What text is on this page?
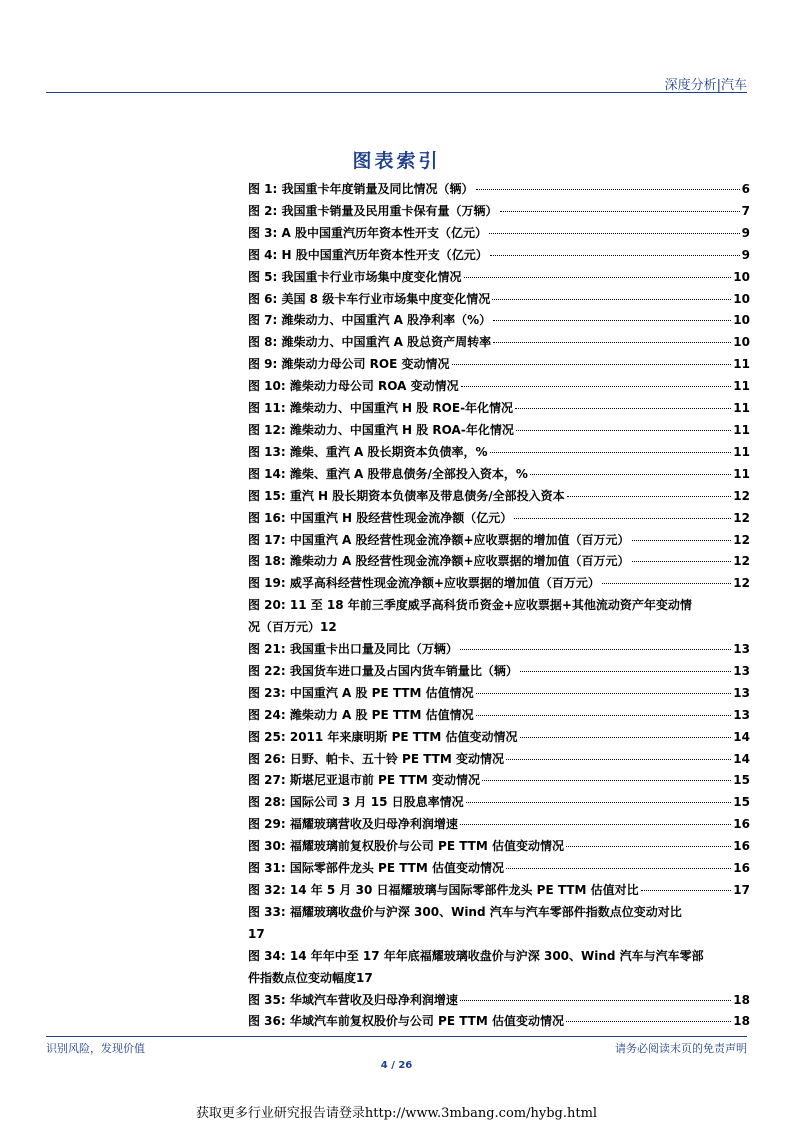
深度分析|汽车
图表索引
图 1: 我国重卡年度销量及同比情况（辆）	6
图 2: 我国重卡销量及民用重卡保有量（万辆）	7
图 3: A 股中国重汽历年资本性开支（亿元）	9
图 4: H 股中国重汽历年资本性开支（亿元）	9
图 5: 我国重卡行业市场集中度变化情况	10
图 6: 美国 8 级卡车行业市场集中度变化情况	10
图 7: 潍柴动力、中国重汽 A 股净利率（%）	10
图 8: 潍柴动力、中国重汽 A 股总资产周转率	10
图 9: 潍柴动力母公司 ROE 变动情况	11
图 10: 潍柴动力母公司 ROA 变动情况	11
图 11: 潍柴动力、中国重汽 H 股 ROE-年化情况	11
图 12: 潍柴动力、中国重汽 H 股 ROA-年化情况	11
图 13: 潍柴、重汽 A 股长期资本负债率，%	11
图 14: 潍柴、重汽 A 股带息债务/全部投入资本，%	11
图 15: 重汽 H 股长期资本负债率及带息债务/全部投入资本	12
图 16: 中国重汽 H 股经营性现金流净额（亿元）	12
图 17: 中国重汽 A 股经营性现金流净额+应收票据的增加值（百万元）	12
图 18: 潍柴动力 A 股经营性现金流净额+应收票据的增加值（百万元）	12
图 19: 威孚高科经营性现金流净额+应收票据的增加值（百万元）	12
图 20: 11 至 18 年前三季度威孚高科货币资金+应收票据+其他流动资产年变动情
况（百万元） 12
图 21: 我国重卡出口量及同比（万辆）	13
图 22: 我国货车进口量及占国内货车销量比（辆）	13
图 23: 中国重汽 A 股 PE TTM 估值情况	13
图 24: 潍柴动力 A 股 PE TTM 估值情况	13
图 25: 2011 年来康明斯 PE TTM 估值变动情况	14
图 26: 日野、帕卡、五十铃 PE TTM 变动情况	14
图 27: 斯堪尼亚退市前 PE TTM 变动情况	15
图 28: 国际公司 3 月 15 日股息率情况	15
图 29: 福耀玻璃营收及归母净利润增速	16
图 30: 福耀玻璃前复权股价与公司 PE TTM 估值变动情况	16
图 31: 国际零部件龙头 PE TTM 估值变动情况	16
图 32: 14 年 5 月 30 日福耀玻璃与国际零部件龙头 PE TTM 估值对比	17
图 33: 福耀玻璃收盘价与沪深 300、Wind 汽车与汽车零部件指数点位变动对比
17
图 34: 14 年年中至 17 年年底福耀玻璃收盘价与沪深 300、Wind 汽车与汽车零部
件指数点位变动幅度 17
图 35: 华域汽车营收及归母净利润增速	18
图 36: 华域汽车前复权股价与公司 PE TTM 估值变动情况	18
识别风险，发现价值	请务必阅读末页的免责声明
4 / 26
获取更多行业研究报告请登录http://www.3mbang.com/hybg.html
